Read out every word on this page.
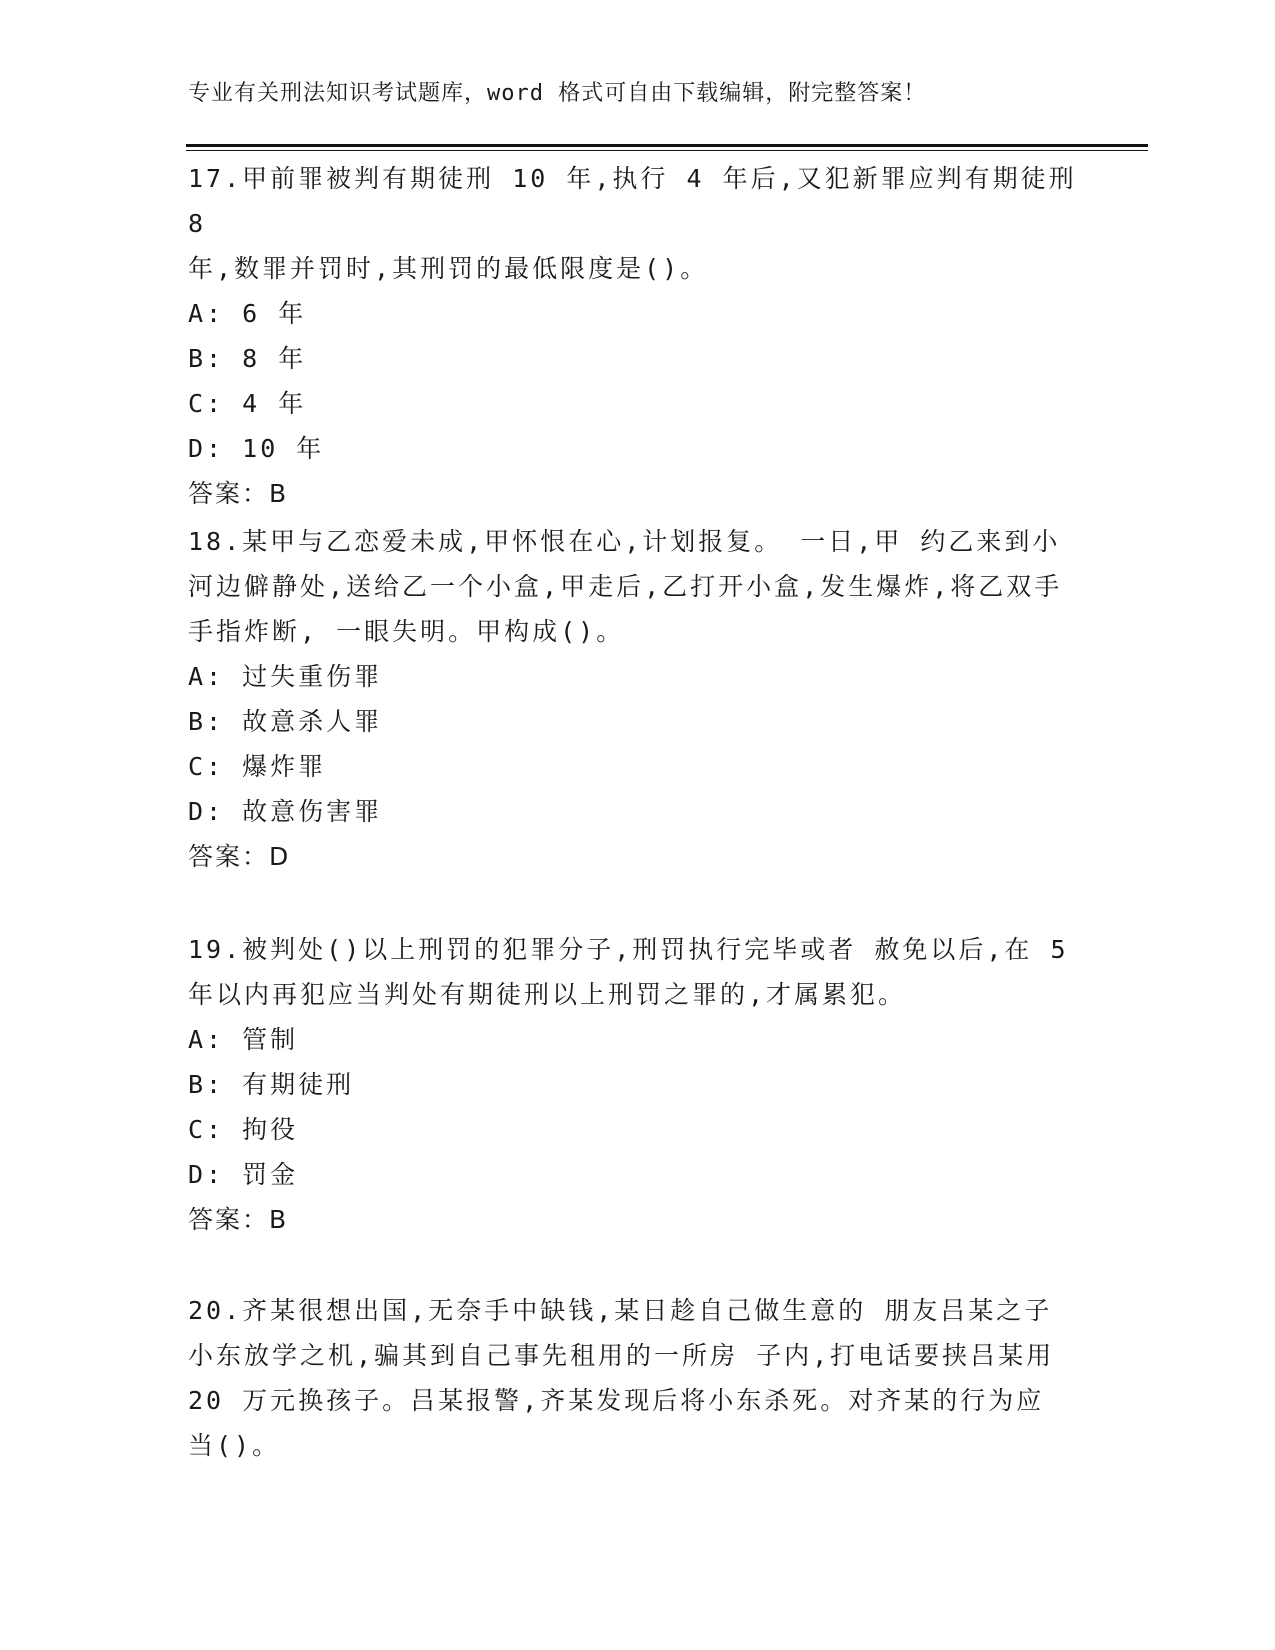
专业有关刑法知识考试题库，word 格式可自由下载编辑，附完整答案！
17.甲前罪被判有期徒刑 10 年,执行 4 年后,又犯新罪应判有期徒刑 8
年,数罪并罚时,其刑罚的最低限度是()。
A: 6 年
B: 8 年
C: 4 年
D: 10 年
答案：B
18.某甲与乙恋爱未成,甲怀恨在心,计划报复。 一日,甲 约乙来到小
河边僻静处,送给乙一个小盒,甲走后,乙打开小盒,发生爆炸,将乙双手
手指炸断, 一眼失明。甲构成()。
A: 过失重伤罪
B: 故意杀人罪
C: 爆炸罪
D: 故意伤害罪
答案：D
19.被判处()以上刑罚的犯罪分子,刑罚执行完毕或者 赦免以后,在 5
年以内再犯应当判处有期徒刑以上刑罚之罪的,才属累犯。
A: 管制
B: 有期徒刑
C: 拘役
D: 罚金
答案：B
20.齐某很想出国,无奈手中缺钱,某日趁自己做生意的 朋友吕某之子
小东放学之机,骗其到自己事先租用的一所房 子内,打电话要挟吕某用
20 万元换孩子。吕某报警,齐某发现后将小东杀死。对齐某的行为应
当()。
